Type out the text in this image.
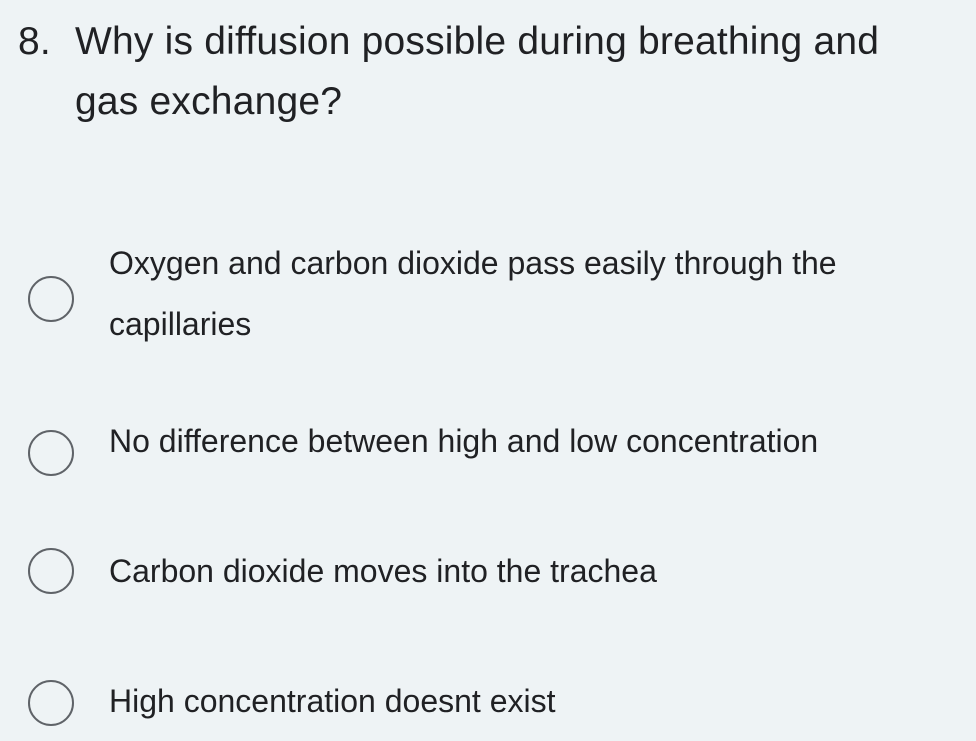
8. Why is diffusion possible during breathing and
gas exchange?
Oxygen and carbon dioxide pass easily through the
capillaries
No difference between high and low concentration
Carbon dioxide moves into the trachea
High concentration doesnt exist
